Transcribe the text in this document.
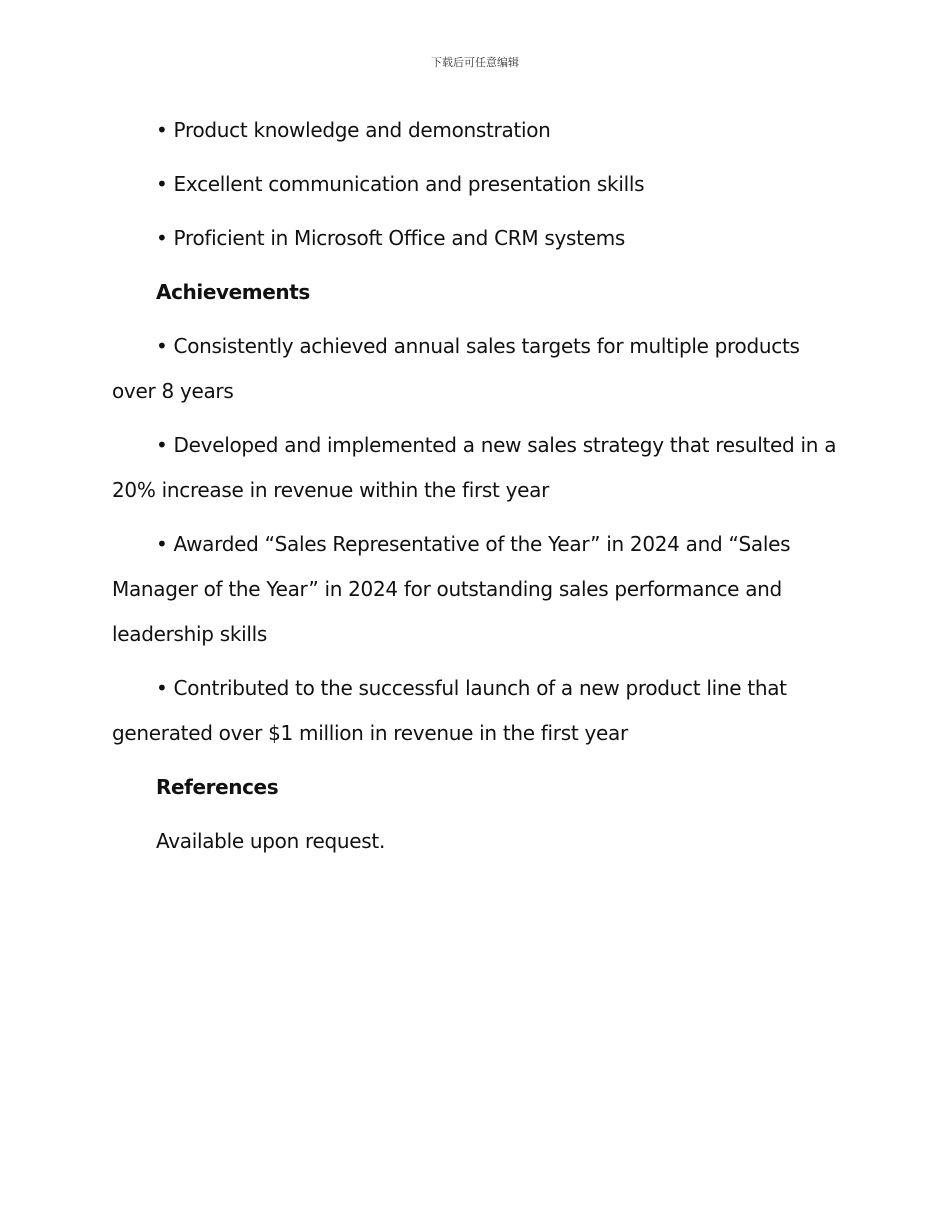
下载后可任意编辑

• Product knowledge and demonstration

• Excellent communication and presentation skills

• Proficient in Microsoft Office and CRM systems

Achievements

• Consistently achieved annual sales targets for multiple products over 8 years

• Developed and implemented a new sales strategy that resulted in a 20% increase in revenue within the first year

• Awarded “Sales Representative of the Year” in 2024 and “Sales Manager of the Year” in 2024 for outstanding sales performance and leadership skills

• Contributed to the successful launch of a new product line that generated over $1 million in revenue in the first year

References

Available upon request.
